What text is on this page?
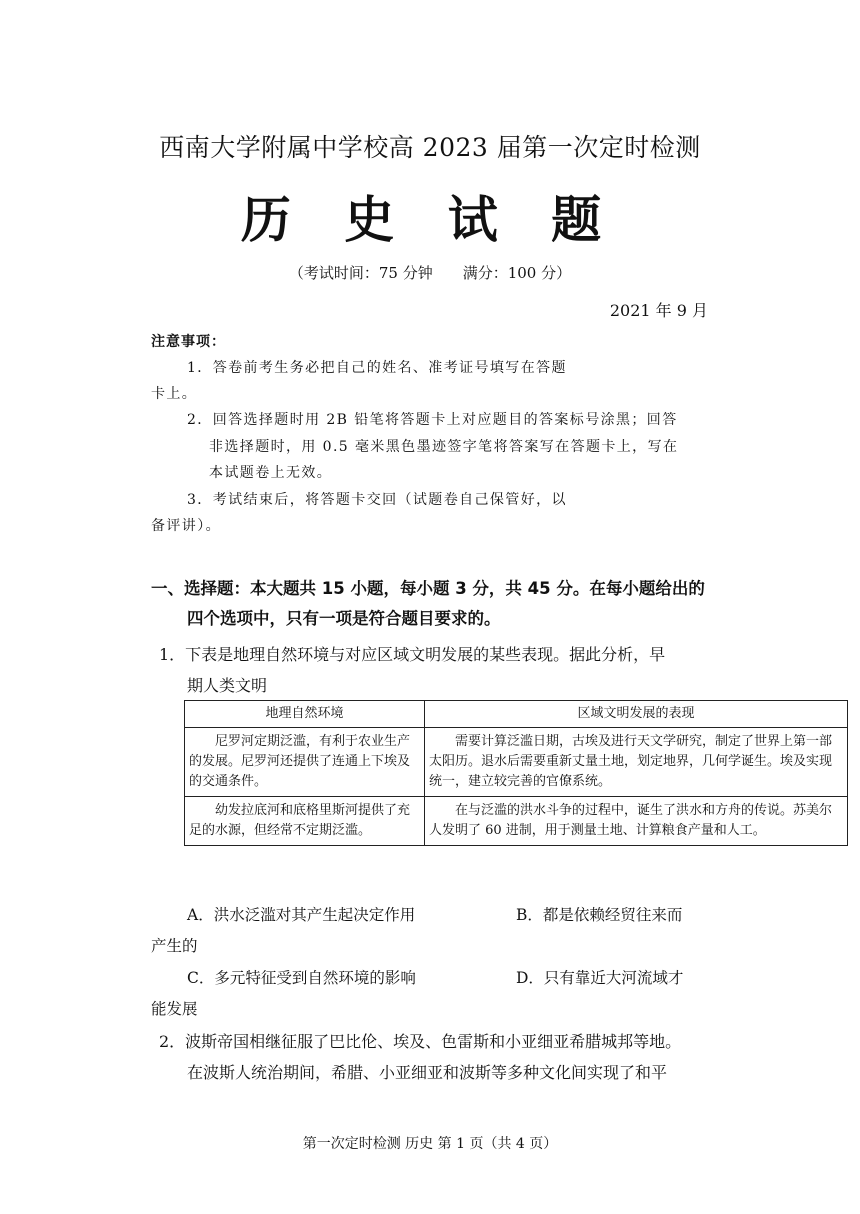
西南大学附属中学校高 2023 届第一次定时检测
历 史 试 题
（考试时间：75 分钟　　满分：100 分）
2021 年 9 月
注意事项：
1．答卷前考生务必把自己的姓名、准考证号填写在答题
卡上。
2．回答选择题时用 2B 铅笔将答题卡上对应题目的答案标号涂黑；回答
非选择题时，用 0.5 毫米黑色墨迹签字笔将答案写在答题卡上，写在
本试题卷上无效。
3．考试结束后，将答题卡交回（试题卷自己保管好，以
备评讲）。
一、选择题：本大题共 15 小题，每小题 3 分，共 45 分。在每小题给出的
四个选项中，只有一项是符合题目要求的。
1．下表是地理自然环境与对应区域文明发展的某些表现。据此分析，早
期人类文明
地理自然环境	区域文明发展的表现
尼罗河定期泛滥，有利于农业生产的发展。尼罗河还提供了连通上下埃及的交通条件。	需要计算泛滥日期，古埃及进行天文学研究，制定了世界上第一部太阳历。退水后需要重新丈量土地，划定地界，几何学诞生。埃及实现统一，建立较完善的官僚系统。
幼发拉底河和底格里斯河提供了充足的水源，但经常不定期泛滥。	在与泛滥的洪水斗争的过程中，诞生了洪水和方舟的传说。苏美尔人发明了 60 进制，用于测量土地、计算粮食产量和人工。
A．洪水泛滥对其产生起决定作用	B．都是依赖经贸往来而
产生的
C．多元特征受到自然环境的影响	D．只有靠近大河流域才
能发展
2．波斯帝国相继征服了巴比伦、埃及、色雷斯和小亚细亚希腊城邦等地。
在波斯人统治期间，希腊、小亚细亚和波斯等多种文化间实现了和平
第一次定时检测 历史 第 1 页（共 4 页）
